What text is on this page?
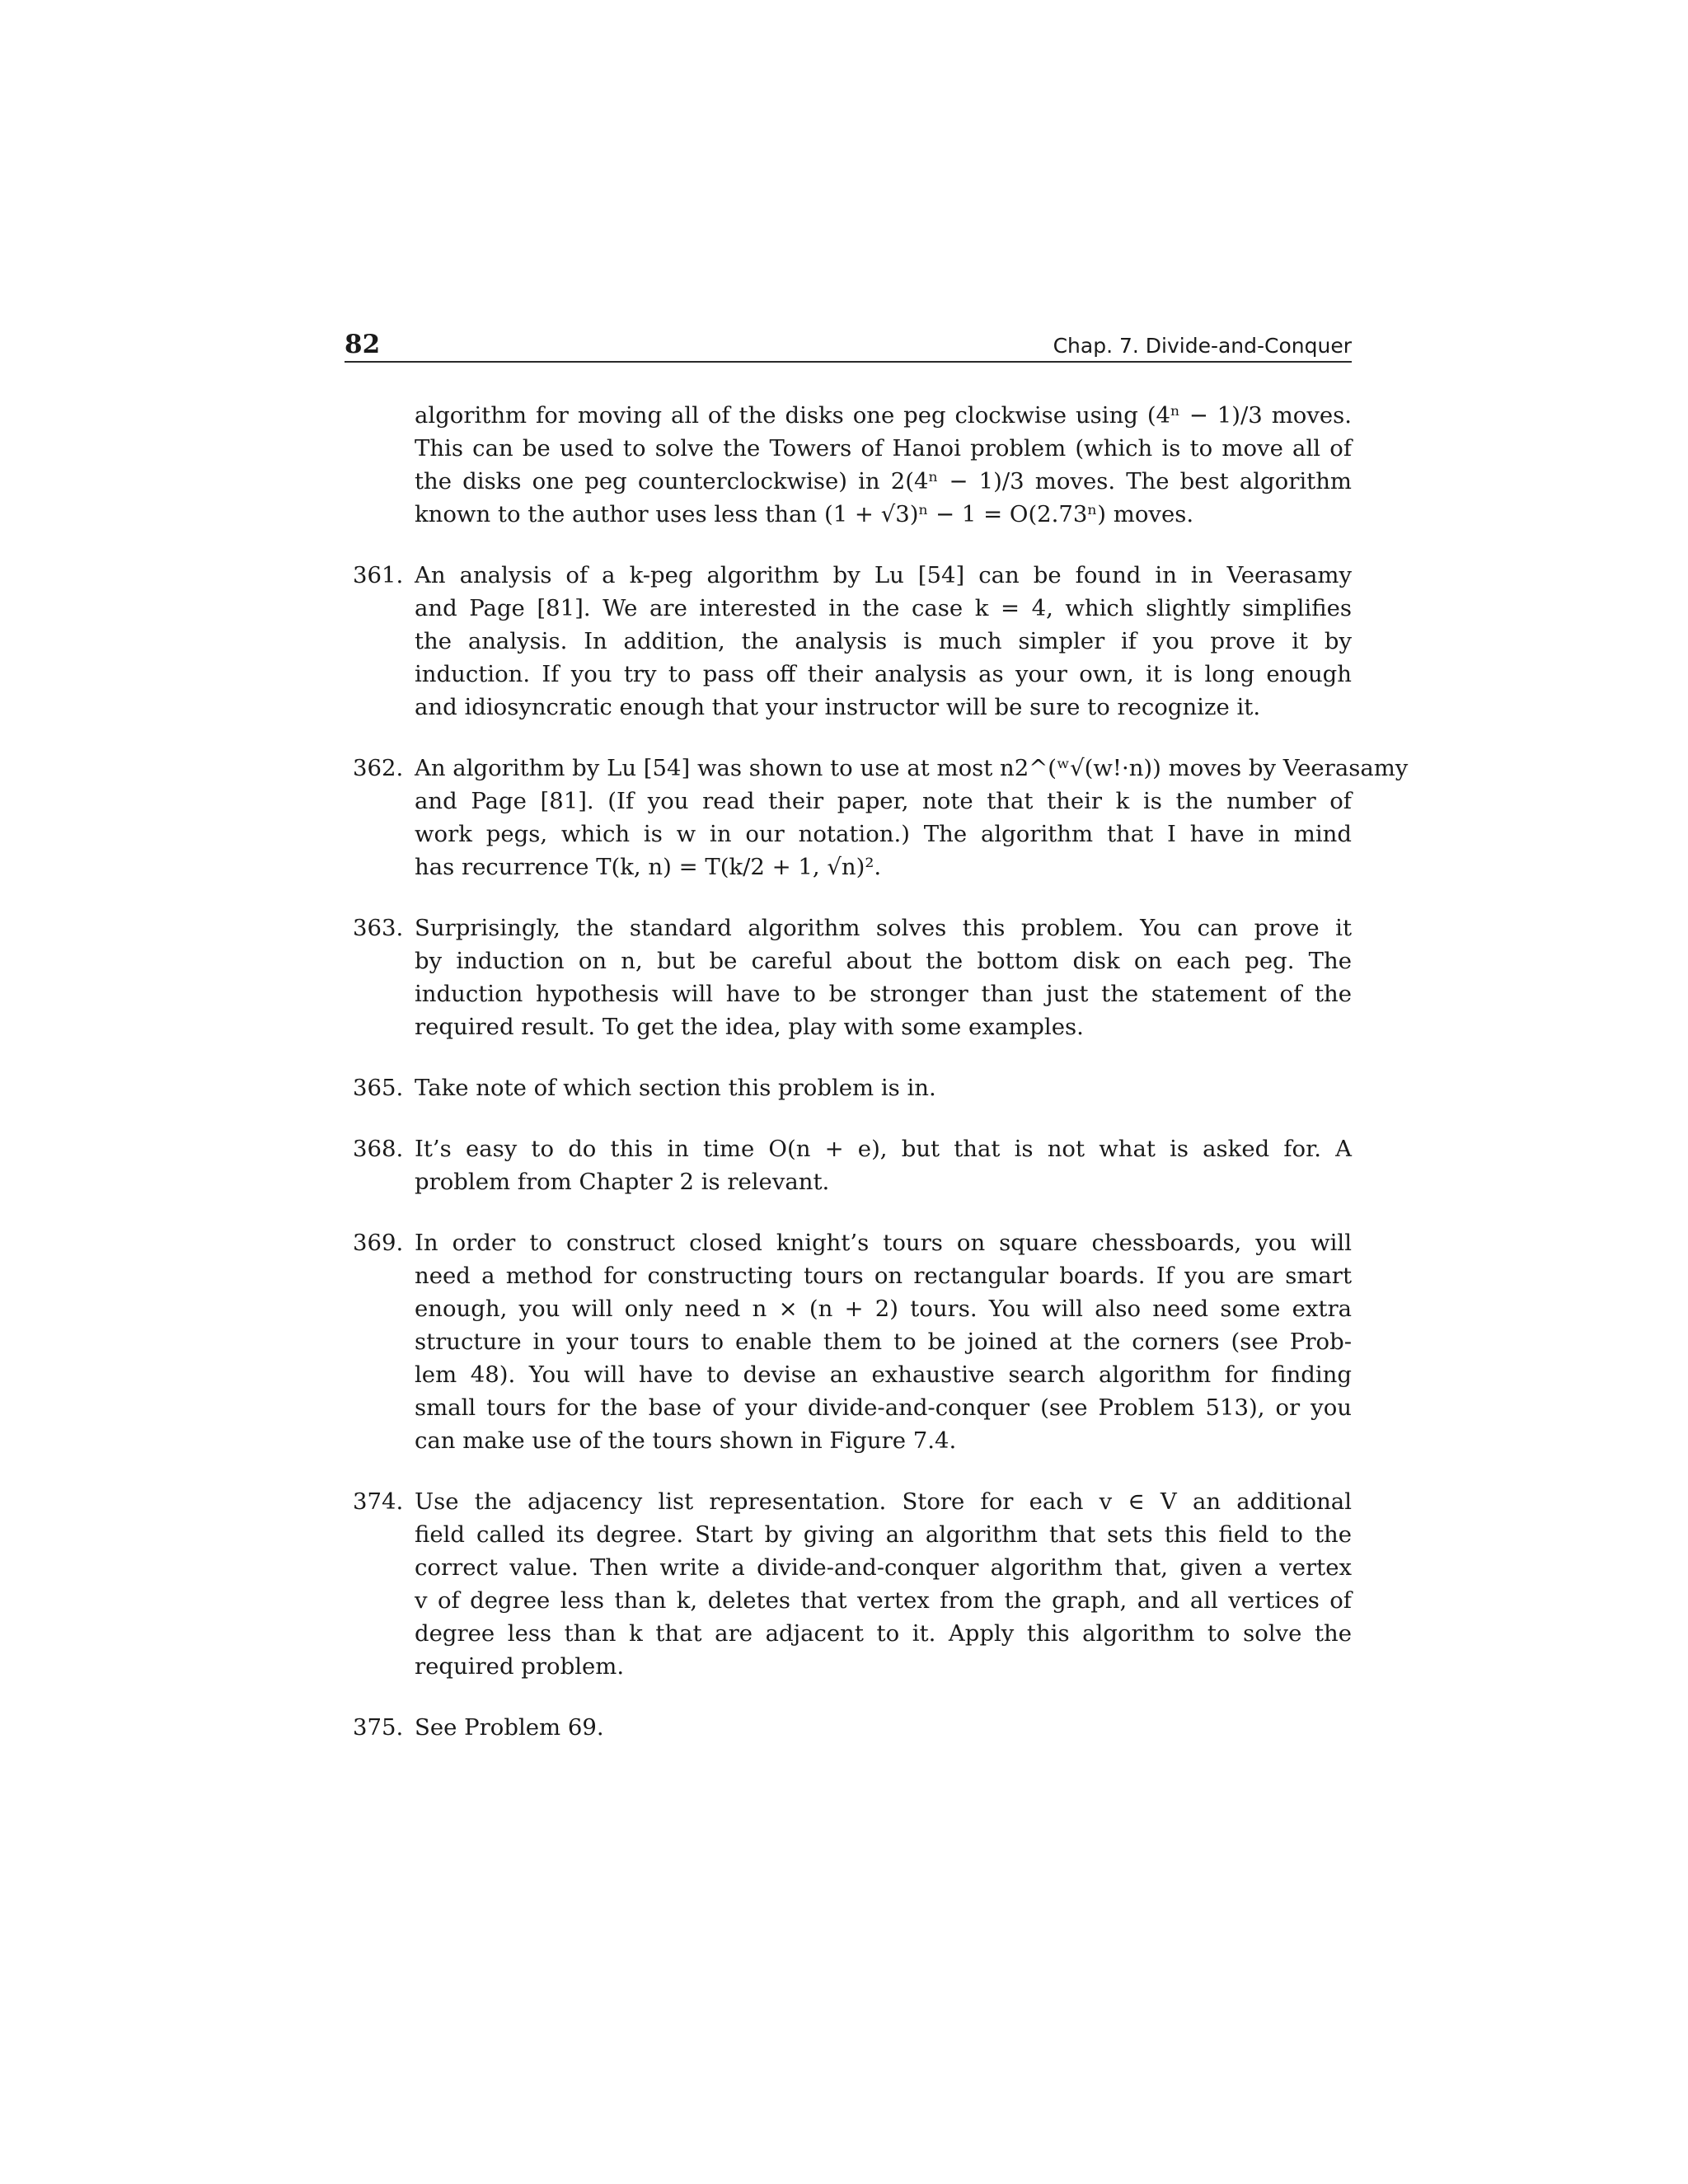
82	Chap. 7. Divide-and-Conquer
algorithm for moving all of the disks one peg clockwise using (4ⁿ − 1)/3 moves.
This can be used to solve the Towers of Hanoi problem (which is to move all of
the disks one peg counterclockwise) in 2(4ⁿ − 1)/3 moves. The best algorithm
known to the author uses less than (1 + √3)ⁿ − 1 = O(2.73ⁿ) moves.
361. An analysis of a k-peg algorithm by Lu [54] can be found in in Veerasamy
and Page [81]. We are interested in the case k = 4, which slightly simplifies
the analysis. In addition, the analysis is much simpler if you prove it by
induction. If you try to pass off their analysis as your own, it is long enough
and idiosyncratic enough that your instructor will be sure to recognize it.
362. An algorithm by Lu [54] was shown to use at most n2^(ʷ√(w!·n)) moves by Veerasamy
and Page [81]. (If you read their paper, note that their k is the number of
work pegs, which is w in our notation.) The algorithm that I have in mind
has recurrence T(k, n) = T(k/2 + 1, √n)².
363. Surprisingly, the standard algorithm solves this problem. You can prove it
by induction on n, but be careful about the bottom disk on each peg. The
induction hypothesis will have to be stronger than just the statement of the
required result. To get the idea, play with some examples.
365. Take note of which section this problem is in.
368. It’s easy to do this in time O(n + e), but that is not what is asked for. A
problem from Chapter 2 is relevant.
369. In order to construct closed knight’s tours on square chessboards, you will
need a method for constructing tours on rectangular boards. If you are smart
enough, you will only need n × (n + 2) tours. You will also need some extra
structure in your tours to enable them to be joined at the corners (see Prob-
lem 48). You will have to devise an exhaustive search algorithm for finding
small tours for the base of your divide-and-conquer (see Problem 513), or you
can make use of the tours shown in Figure 7.4.
374. Use the adjacency list representation. Store for each v ∈ V an additional
field called its degree. Start by giving an algorithm that sets this field to the
correct value. Then write a divide-and-conquer algorithm that, given a vertex
v of degree less than k, deletes that vertex from the graph, and all vertices of
degree less than k that are adjacent to it. Apply this algorithm to solve the
required problem.
375. See Problem 69.
